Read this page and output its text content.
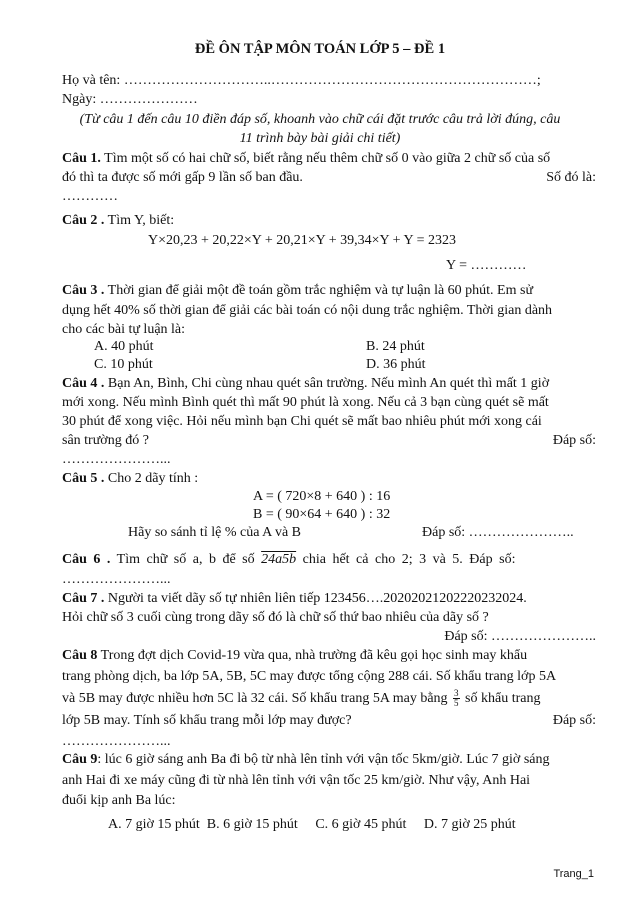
ĐỀ ÔN TẬP MÔN TOÁN LỚP 5 – ĐỀ 1
Họ và tên: …………………………..…………………………………………………;
Ngày: …………………
(Từ câu 1 đến câu 10 điền đáp số, khoanh vào chữ cái đặt trước câu trả lời đúng, câu
11 trình bày bài giải chi tiết)
Câu 1. Tìm một số có hai chữ số, biết rằng nếu thêm chữ số 0 vào giữa 2 chữ số của số
đó thì ta được số mới gấp 9 lần số ban đầu.	Số đó là:
…………
Câu 2 . Tìm Y, biết:
Y×20,23 + 20,22×Y + 20,21×Y + 39,34×Y + Y = 2323
Y = …………
Câu 3 . Thời gian để giải một đề toán gồm trắc nghiệm và tự luận là 60 phút. Em sử
dụng hết 40% số thời gian để giải các bài toán có nội dung trắc nghiệm. Thời gian dành
cho các bài tự luận là:
A. 40 phút	B. 24 phút
C. 10 phút	D. 36 phút
Câu 4 . Bạn An, Bình, Chi cùng nhau quét sân trường. Nếu mình An quét thì mất 1 giờ
mới xong. Nếu mình Bình quét thì mất 90 phút là xong. Nếu cả 3 bạn cùng quét sẽ mất
30 phút để xong việc. Hỏi nếu mình bạn Chi quét sẽ mất bao nhiêu phút mới xong cái
sân trường đó ?	Đáp số:
…………………...
Câu 5 . Cho 2 dãy tính :
A = ( 720×8 + 640 ) : 16
B = ( 90×64 + 640 ) : 32
Hãy so sánh tỉ lệ % của A và B	Đáp số: …………………..
Câu 6 . Tìm chữ số a, b để số 24a5b chia hết cả cho 2; 3 và 5. Đáp số:
…………………...
Câu 7 . Người ta viết dãy số tự nhiên liên tiếp 123456….20202021202220232024.
Hỏi chữ số 3 cuối cùng trong dãy số đó là chữ số thứ bao nhiêu của dãy số ?
Đáp số: …………………..
Câu 8 Trong đợt dịch Covid-19 vừa qua, nhà trường đã kêu gọi học sinh may khẩu
trang phòng dịch, ba lớp 5A, 5B, 5C may được tổng cộng 288 cái. Số khẩu trang lớp 5A
và 5B may được nhiều hơn 5C là 32 cái. Số khẩu trang 5A may bằng $\frac{3}{5}$ số khẩu trang
lớp 5B may. Tính số khẩu trang mỗi lớp may được?	Đáp số:
…………………...
Câu 9: lúc 6 giờ sáng anh Ba đi bộ từ nhà lên tỉnh với vận tốc 5km/giờ. Lúc 7 giờ sáng
anh Hai đi xe máy cũng đi từ nhà lên tỉnh với vận tốc 25 km/giờ. Như vậy, Anh Hai
đuổi kịp anh Ba lúc:
A. 7 giờ 15 phút  B. 6 giờ 15 phút     C. 6 giờ 45 phút     D. 7 giờ 25 phút
Trang_1
